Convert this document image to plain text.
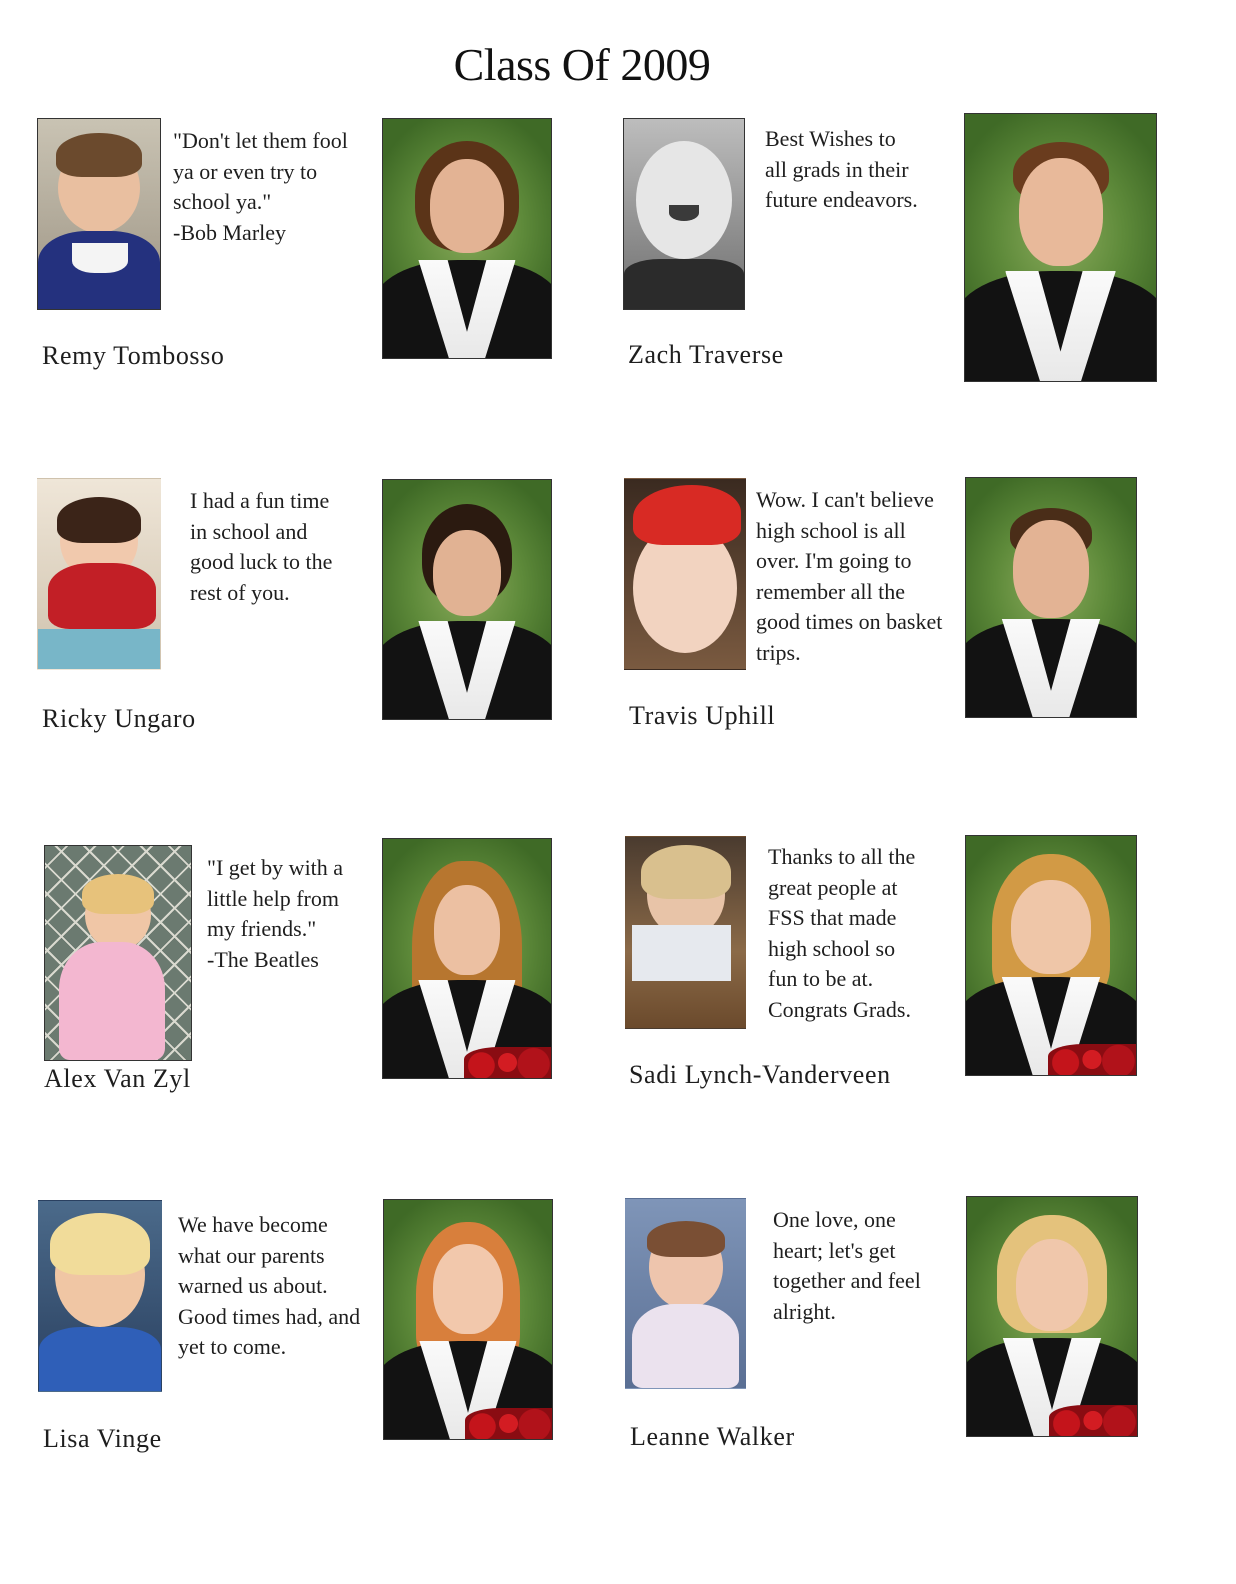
Class Of 2009
"Don't let them fool
ya or even try to
school ya."
-Bob Marley
Remy Tombosso
Best Wishes to
all grads in their
future endeavors.
Zach Traverse
I had a fun time
in school and
good luck to the
rest of you.
Ricky Ungaro
Wow. I can't believe
high school is all
over. I'm going to
remember all the
good times on basket
trips.
Travis Uphill
"I get by with a
little help from
my friends."
-The Beatles
Alex Van Zyl
Thanks to all the
great people at
FSS that made
high school so
fun to be at.
Congrats Grads.
Sadi Lynch-Vanderveen
We have become
what our parents
warned us about.
Good times had, and
yet to come.
Lisa Vinge
One love, one
heart; let's get
together and feel
alright.
Leanne Walker
